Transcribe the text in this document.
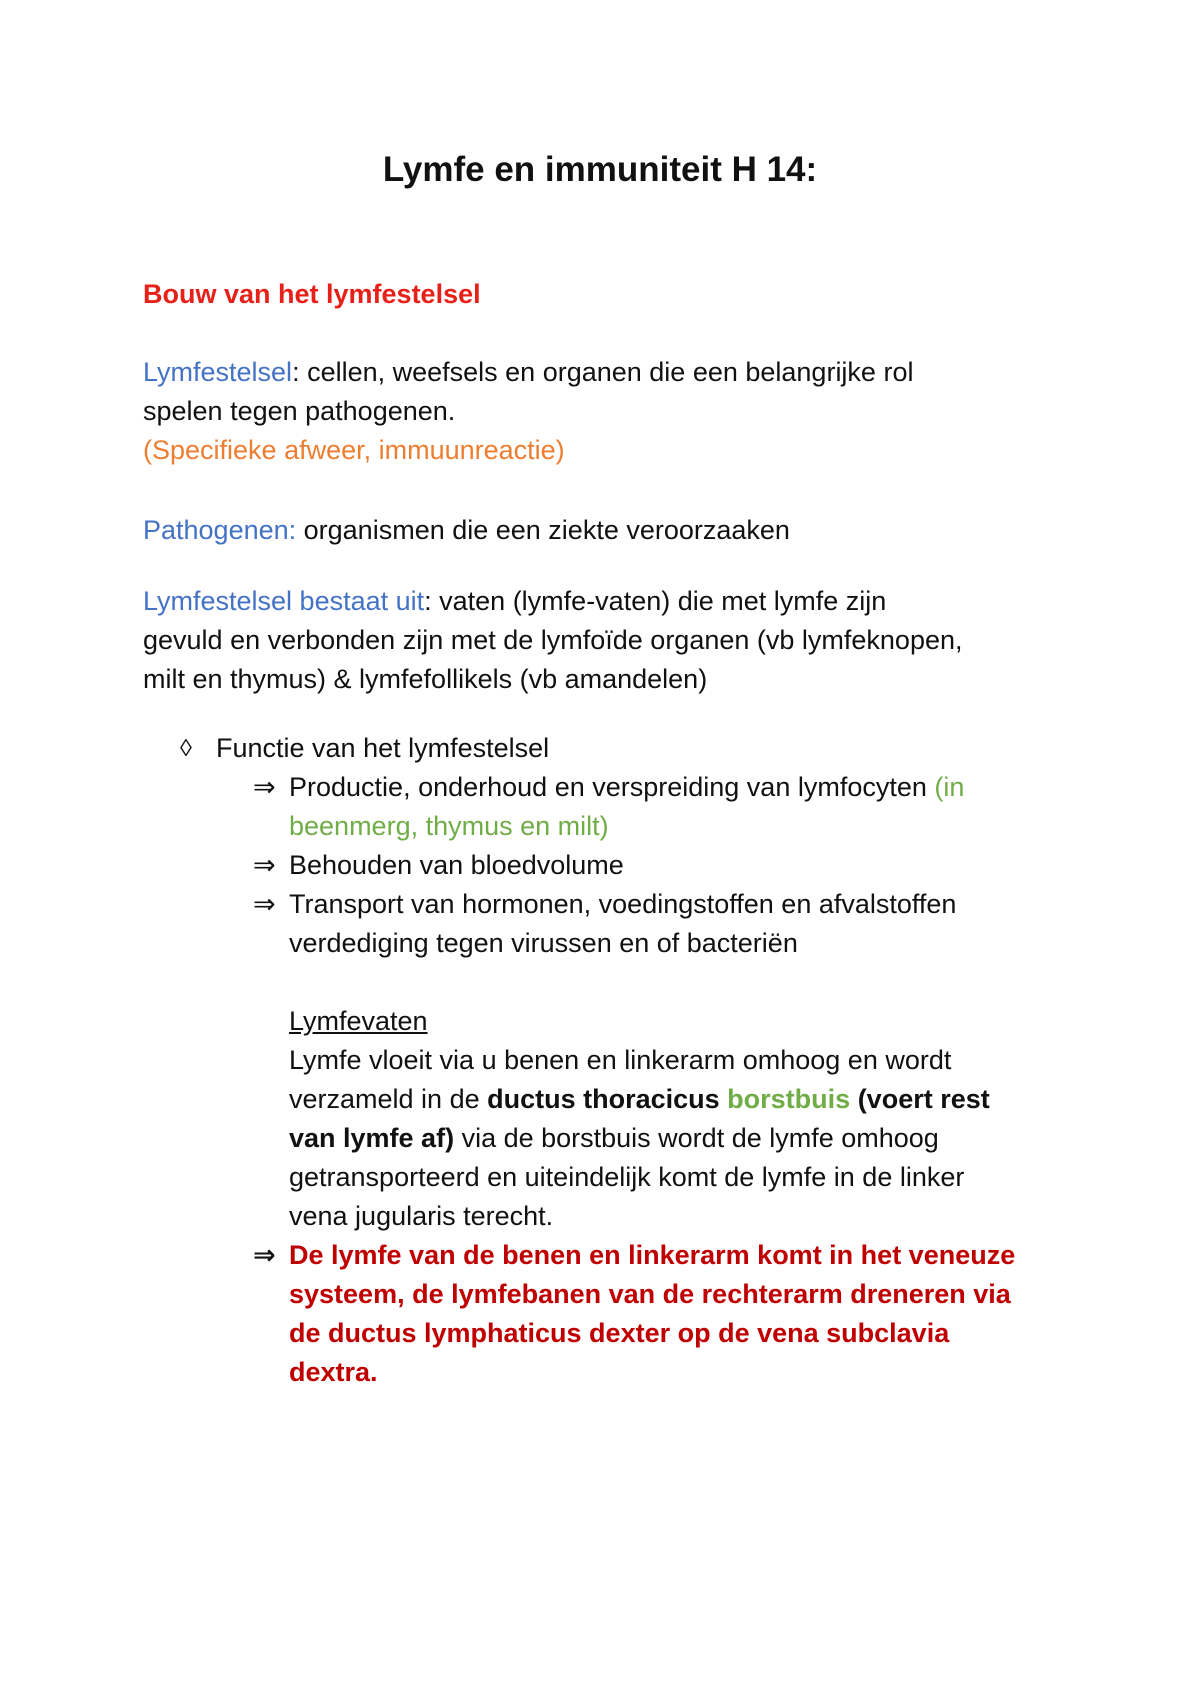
Lymfe en immuniteit H 14:
Bouw van het lymfestelsel
Lymfestelsel: cellen, weefsels en organen die een belangrijke rol
spelen tegen pathogenen.
(Specifieke afweer, immuunreactie)
Pathogenen: organismen die een ziekte veroorzaaken
Lymfestelsel bestaat uit: vaten (lymfe-vaten) die met lymfe zijn
gevuld en verbonden zijn met de lymfoïde organen (vb lymfeknopen,
milt en thymus) & lymfefollikels (vb amandelen)
◊ Functie van het lymfestelsel
⇒ Productie, onderhoud en verspreiding van lymfocyten (in
beenmerg, thymus en milt)
⇒ Behouden van bloedvolume
⇒ Transport van hormonen, voedingstoffen en afvalstoffen
verdediging tegen virussen en of bacteriën

Lymfevaten
Lymfe vloeit via u benen en linkerarm omhoog en wordt
verzameld in de ductus thoracicus borstbuis (voert rest
van lymfe af) via de borstbuis wordt de lymfe omhoog
getransporteerd en uiteindelijk komt de lymfe in de linker
vena jugularis terecht.
⇒ De lymfe van de benen en linkerarm komt in het veneuze
systeem, de lymfebanen van de rechterarm dreneren via
de ductus lymphaticus dexter op de vena subclavia
dextra.
